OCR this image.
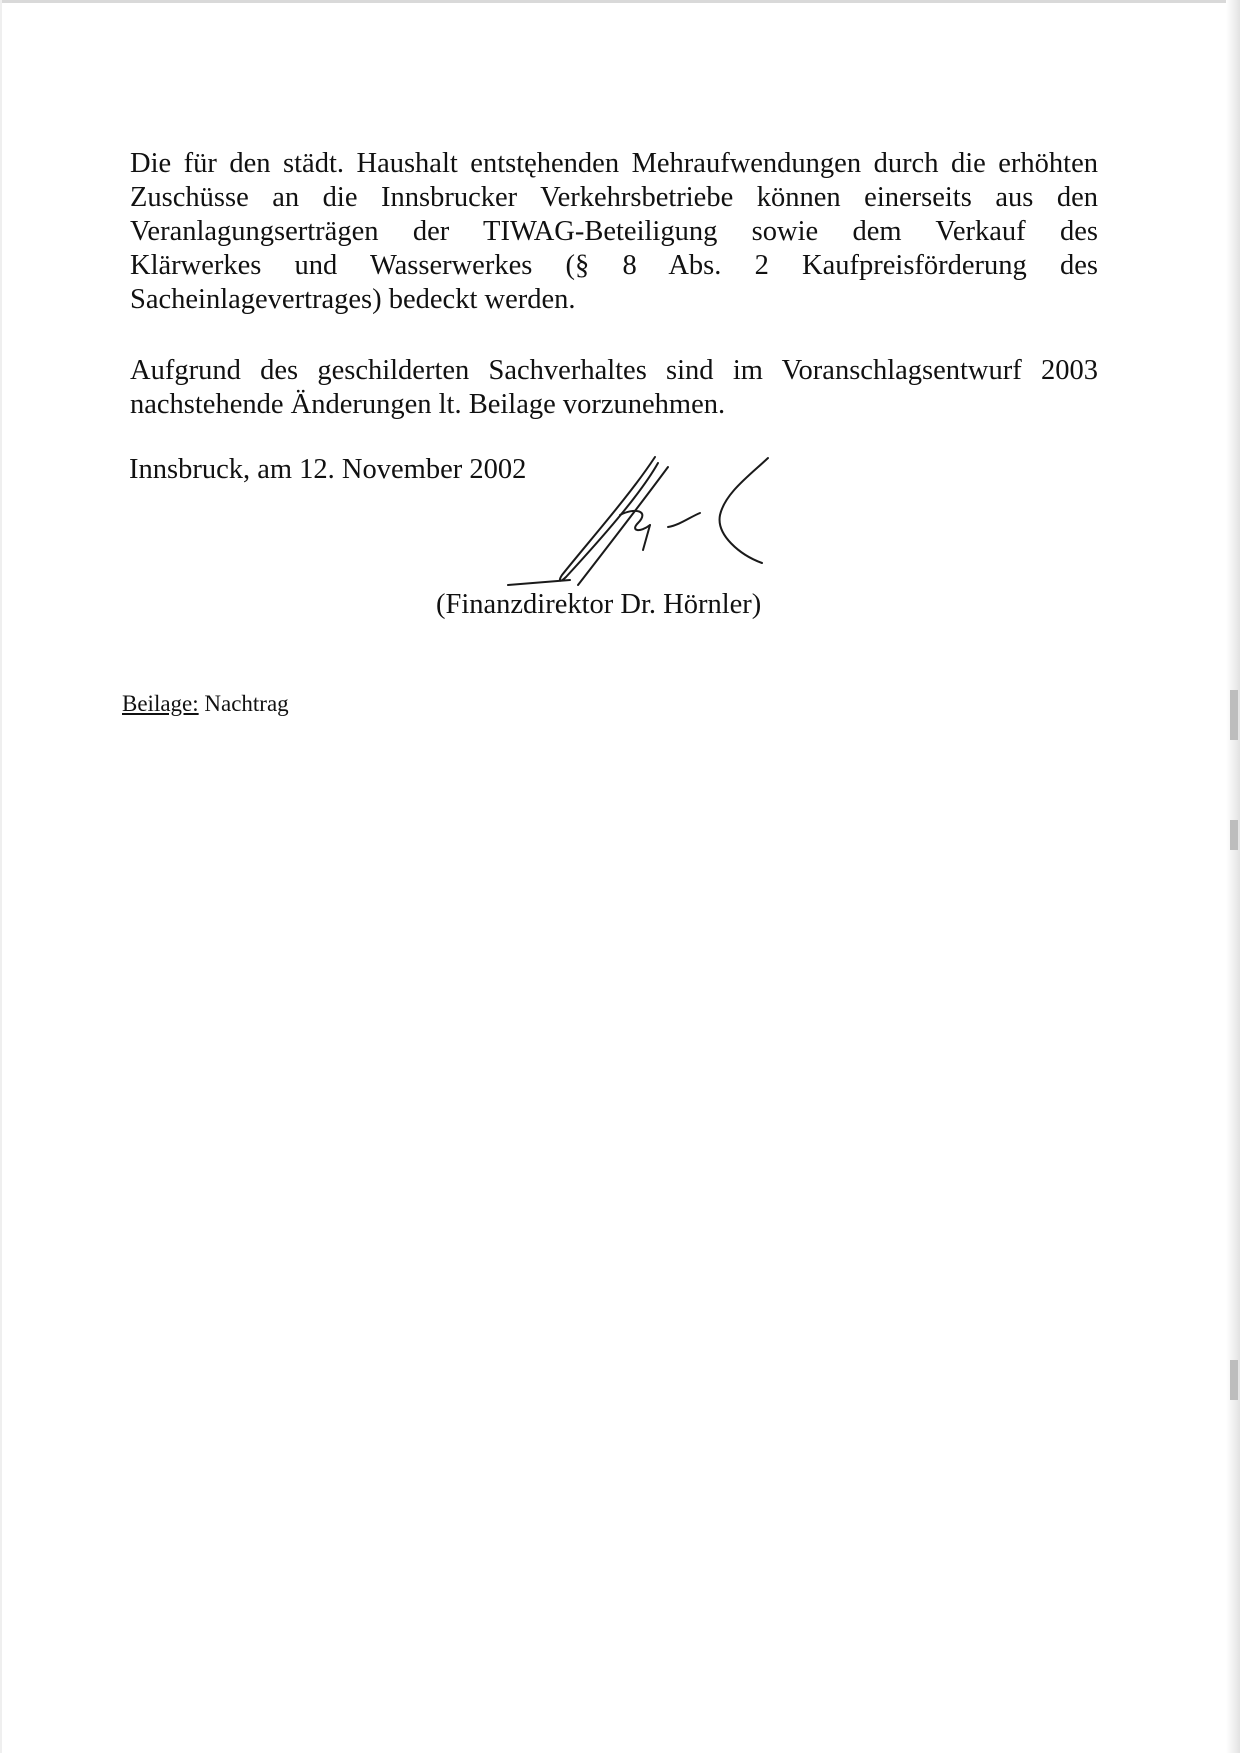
Die für den städt. Haushalt entstęhenden Mehraufwendungen durch die erhöhten
Zuschüsse an die Innsbrucker Verkehrsbetriebe können einerseits aus den
Veranlagungserträgen der TIWAG-Beteiligung sowie dem Verkauf des
Klärwerkes und Wasserwerkes (§ 8 Abs. 2 Kaufpreisförderung des
Sacheinlagevertrages) bedeckt werden.
Aufgrund des geschilderten Sachverhaltes sind im Voranschlagsentwurf 2003
nachstehende Änderungen lt. Beilage vorzunehmen.

Innsbruck, am 12. November 2002

(Finanzdirektor Dr. Hörnler)

Beilage: Nachtrag
